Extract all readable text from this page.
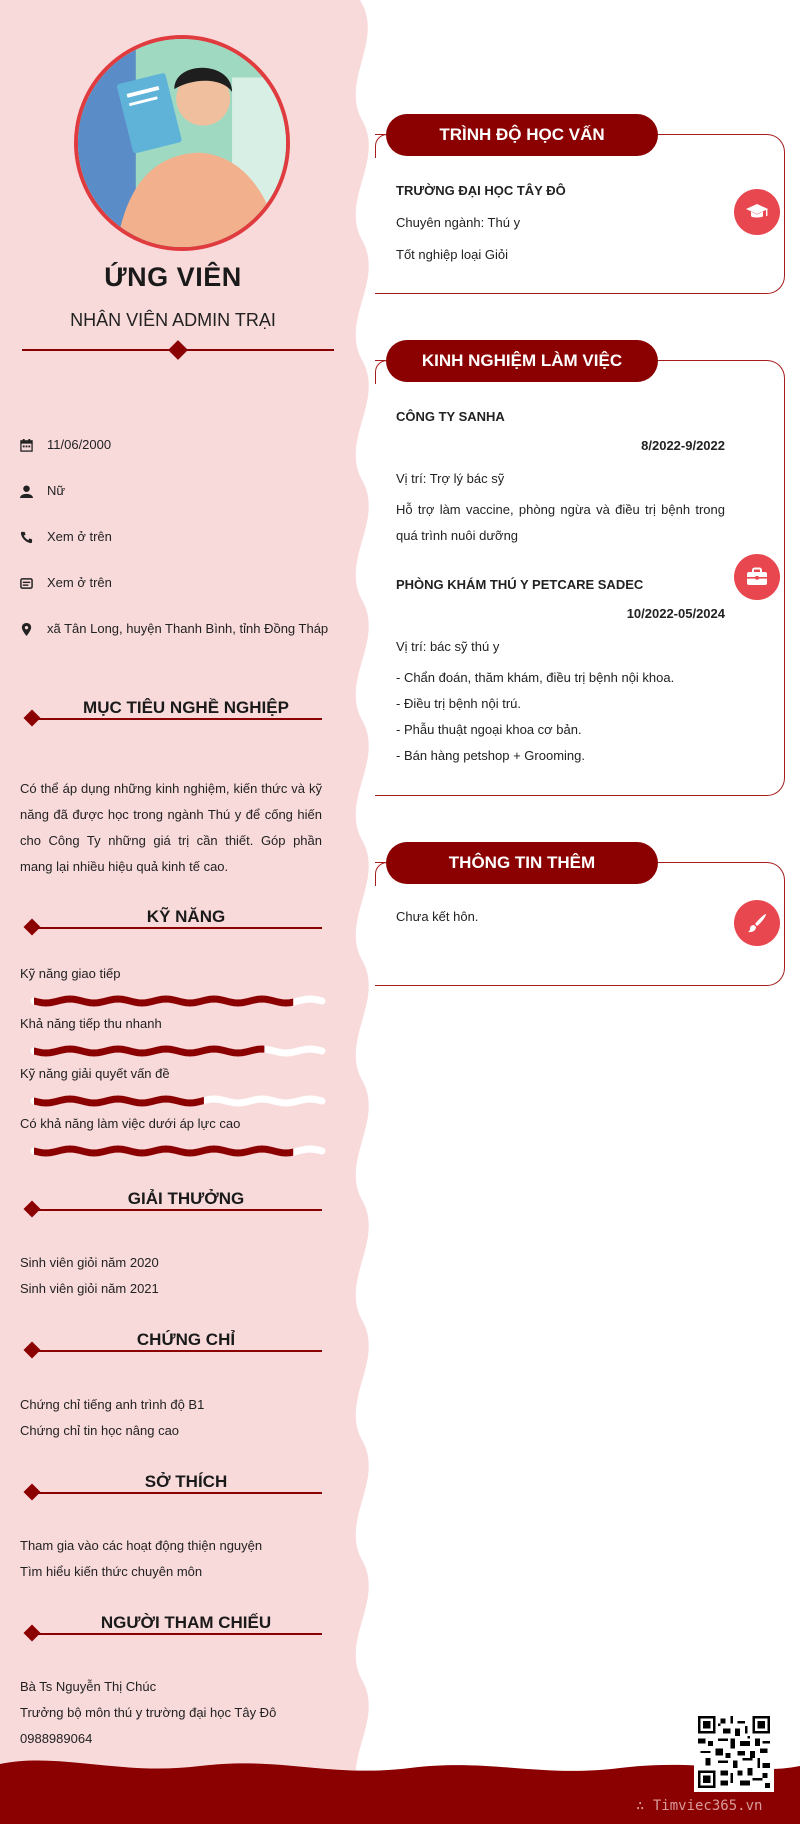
ỨNG VIÊN
NHÂN VIÊN ADMIN TRẠI
11/06/2000
Nữ
Xem ở trên
Xem ở trên
xã Tân Long, huyện Thanh Bình, tỉnh Đồng Tháp
MỤC TIÊU NGHỀ NGHIỆP
Có thể áp dụng những kinh nghiệm, kiến thức và kỹ năng đã được học trong ngành Thú y để cống hiến cho Công Ty những giá trị cần thiết. Góp phần mang lại nhiều hiệu quả kinh tế cao.
KỸ NĂNG
Kỹ năng giao tiếp
Khả năng tiếp thu nhanh
Kỹ năng giải quyết vấn đề
Có khả năng làm việc dưới áp lực cao
GIẢI THƯỞNG
Sinh viên giỏi năm 2020
Sinh viên giỏi năm 2021
CHỨNG CHỈ
Chứng chỉ tiếng anh trình độ B1
Chứng chỉ tin học nâng cao
SỞ THÍCH
Tham gia vào các hoạt động thiện nguyện
Tìm hiểu kiến thức chuyên môn
NGƯỜI THAM CHIẾU
Bà Ts Nguyễn Thị Chúc
Trưởng bộ môn thú y trường đại học Tây Đô
0988989064
TRÌNH ĐỘ HỌC VẤN
TRƯỜNG ĐẠI HỌC TÂY ĐÔ
Chuyên ngành: Thú y
Tốt nghiệp loại Giỏi
KINH NGHIỆM LÀM VIỆC
CÔNG TY SANHA
8/2022-9/2022
Vị trí: Trợ lý bác sỹ
Hỗ trợ làm vaccine, phòng ngừa và điều trị bệnh trong quá trình nuôi dưỡng
PHÒNG KHÁM THÚ Y PETCARE SADEC
10/2022-05/2024
Vị trí: bác sỹ thú y
- Chẩn đoán, thăm khám, điều trị bệnh nội khoa.
- Điều trị bệnh nội trú.
- Phẫu thuật ngoại khoa cơ bản.
- Bán hàng petshop + Grooming.
THÔNG TIN THÊM
Chưa kết hôn.
∴ Timviec365.vn
